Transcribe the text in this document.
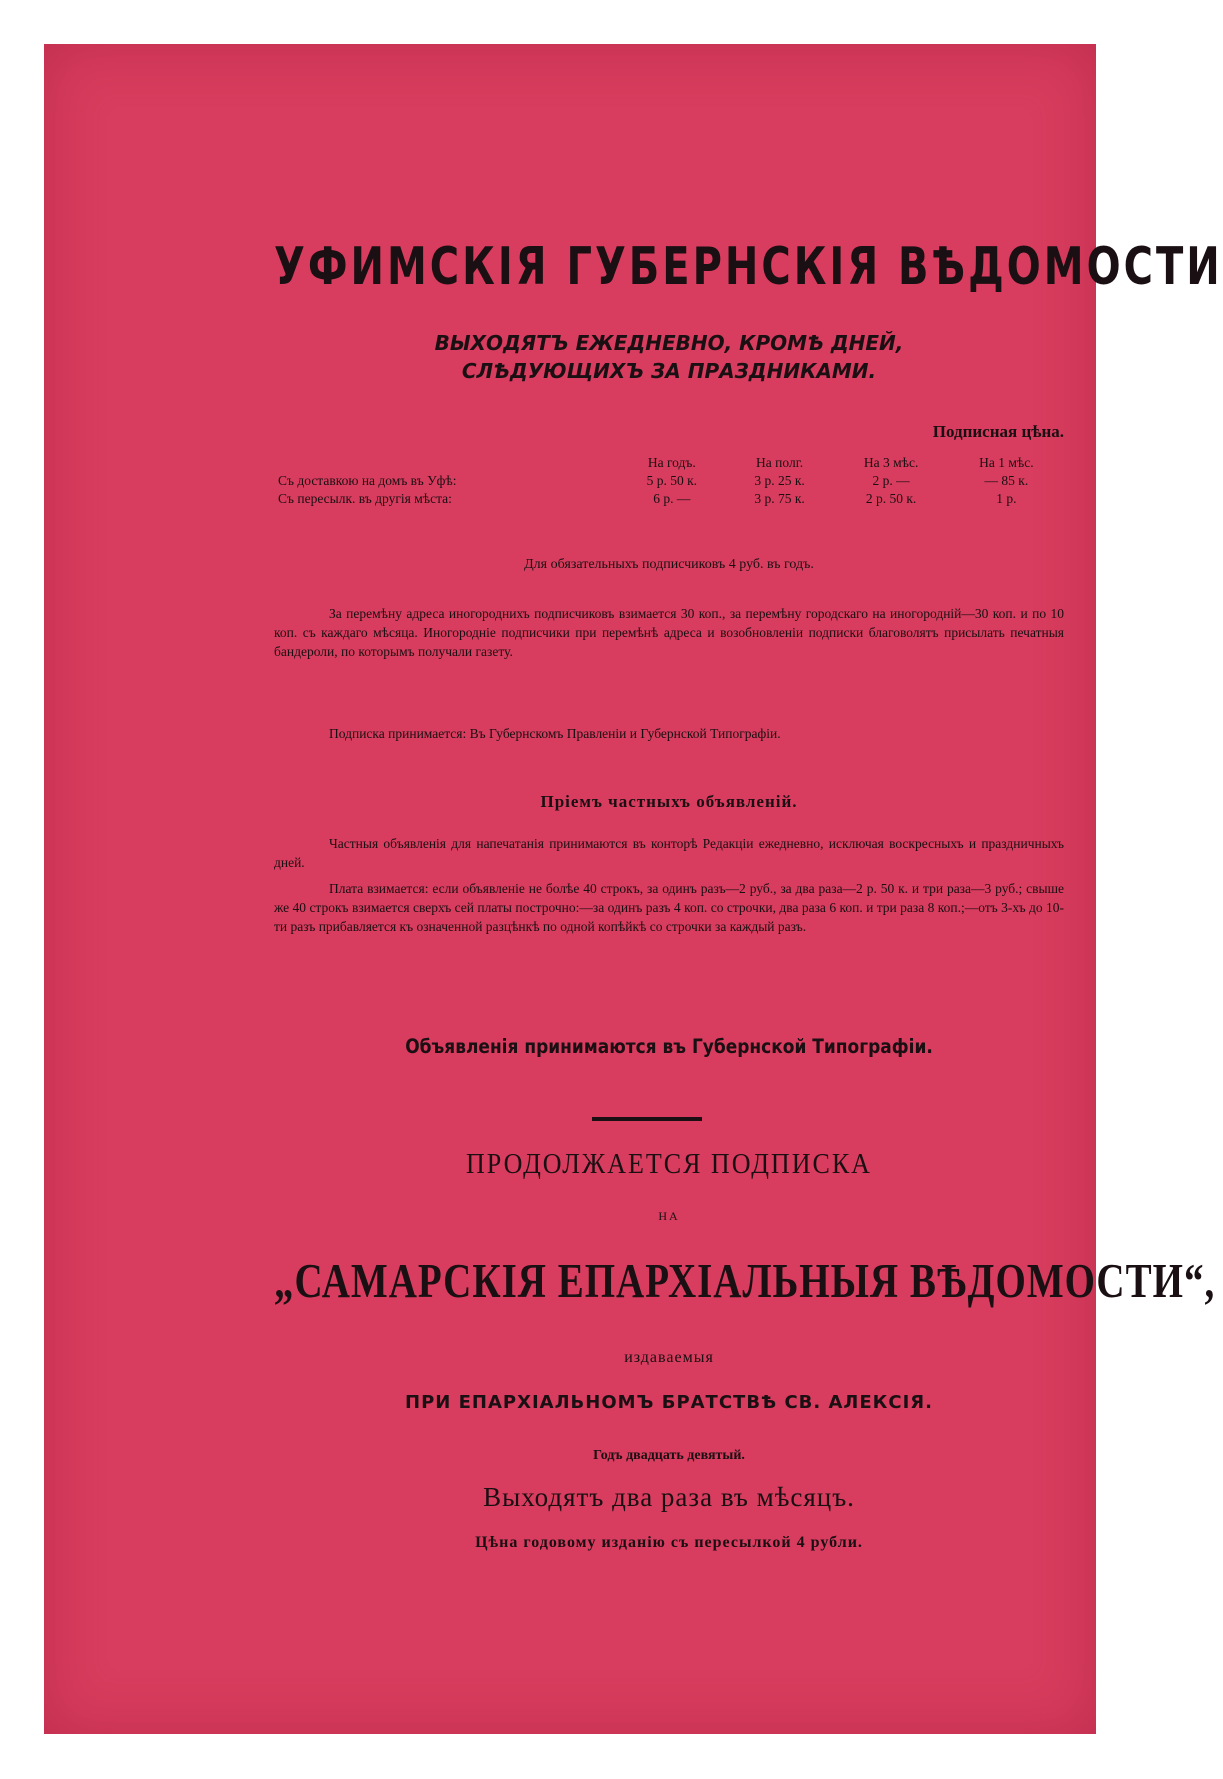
УФИМСКІЯ ГУБЕРНСКІЯ ВѢДОМОСТИ
ВЫХОДЯТЪ ЕЖЕДНЕВНО, КРОМѢ ДНЕЙ,
СЛѢДУЮЩИХЪ ЗА ПРАЗДНИКАМИ.
Подписная цѣна.
	На годъ.	На полг.	На 3 мѣс.	На 1 мѣс.
Съ доставкою на домъ въ Уфѣ:	5 р. 50 к.	3 р. 25 к.	2 р. —	— 85 к.
Съ пересылк. въ другія мѣста:	6 р. —	3 р. 75 к.	2 р. 50 к.	1 р.
Для обязательныхъ подписчиковъ 4 руб. въ годъ.

За перемѣну адреса иногороднихъ подписчиковъ взимается 30 коп., за перемѣну городскаго на иногородній—30 коп. и по 10 коп. съ каждаго мѣсяца. Иногородніе подписчики при перемѣнѣ адреса и возобновленіи подписки благоволятъ присылать печатныя бандероли, по которымъ получали газету.

Подписка принимается: Въ Губернскомъ Правленіи и Губернской Типографіи.

Пріемъ частныхъ объявленій.

Частныя объявленія для напечатанія принимаются въ конторѣ Редакціи ежедневно, исключая воскресныхъ и праздничныхъ дней.

Плата взимается: если объявленіе не болѣе 40 строкъ, за одинъ разъ—2 руб., за два раза—2 р. 50 к. и три раза—3 руб.; свыше же 40 строкъ взимается сверхъ сей платы построчно:—за одинъ разъ 4 коп. со строчки, два раза 6 коп. и три раза 8 коп.;—отъ 3-хъ до 10-ти разъ прибавляется къ означенной разцѣнкѣ по одной копѣйкѣ со строчки за каждый разъ.

Объявленія принимаются въ Губернской Типографіи.
ПРОДОЛЖАЕТСЯ ПОДПИСКА
НА
„САМАРСКІЯ ЕПАРХІАЛЬНЫЯ ВѢДОМОСТИ“,
издаваемыя
ПРИ ЕПАРХІАЛЬНОМЪ БРАТСТВѢ СВ. АЛЕКСІЯ.
Годъ двадцать девятый.
Выходятъ два раза въ мѣсяцъ.
Цѣна годовому изданію съ пересылкой 4 рубли.
